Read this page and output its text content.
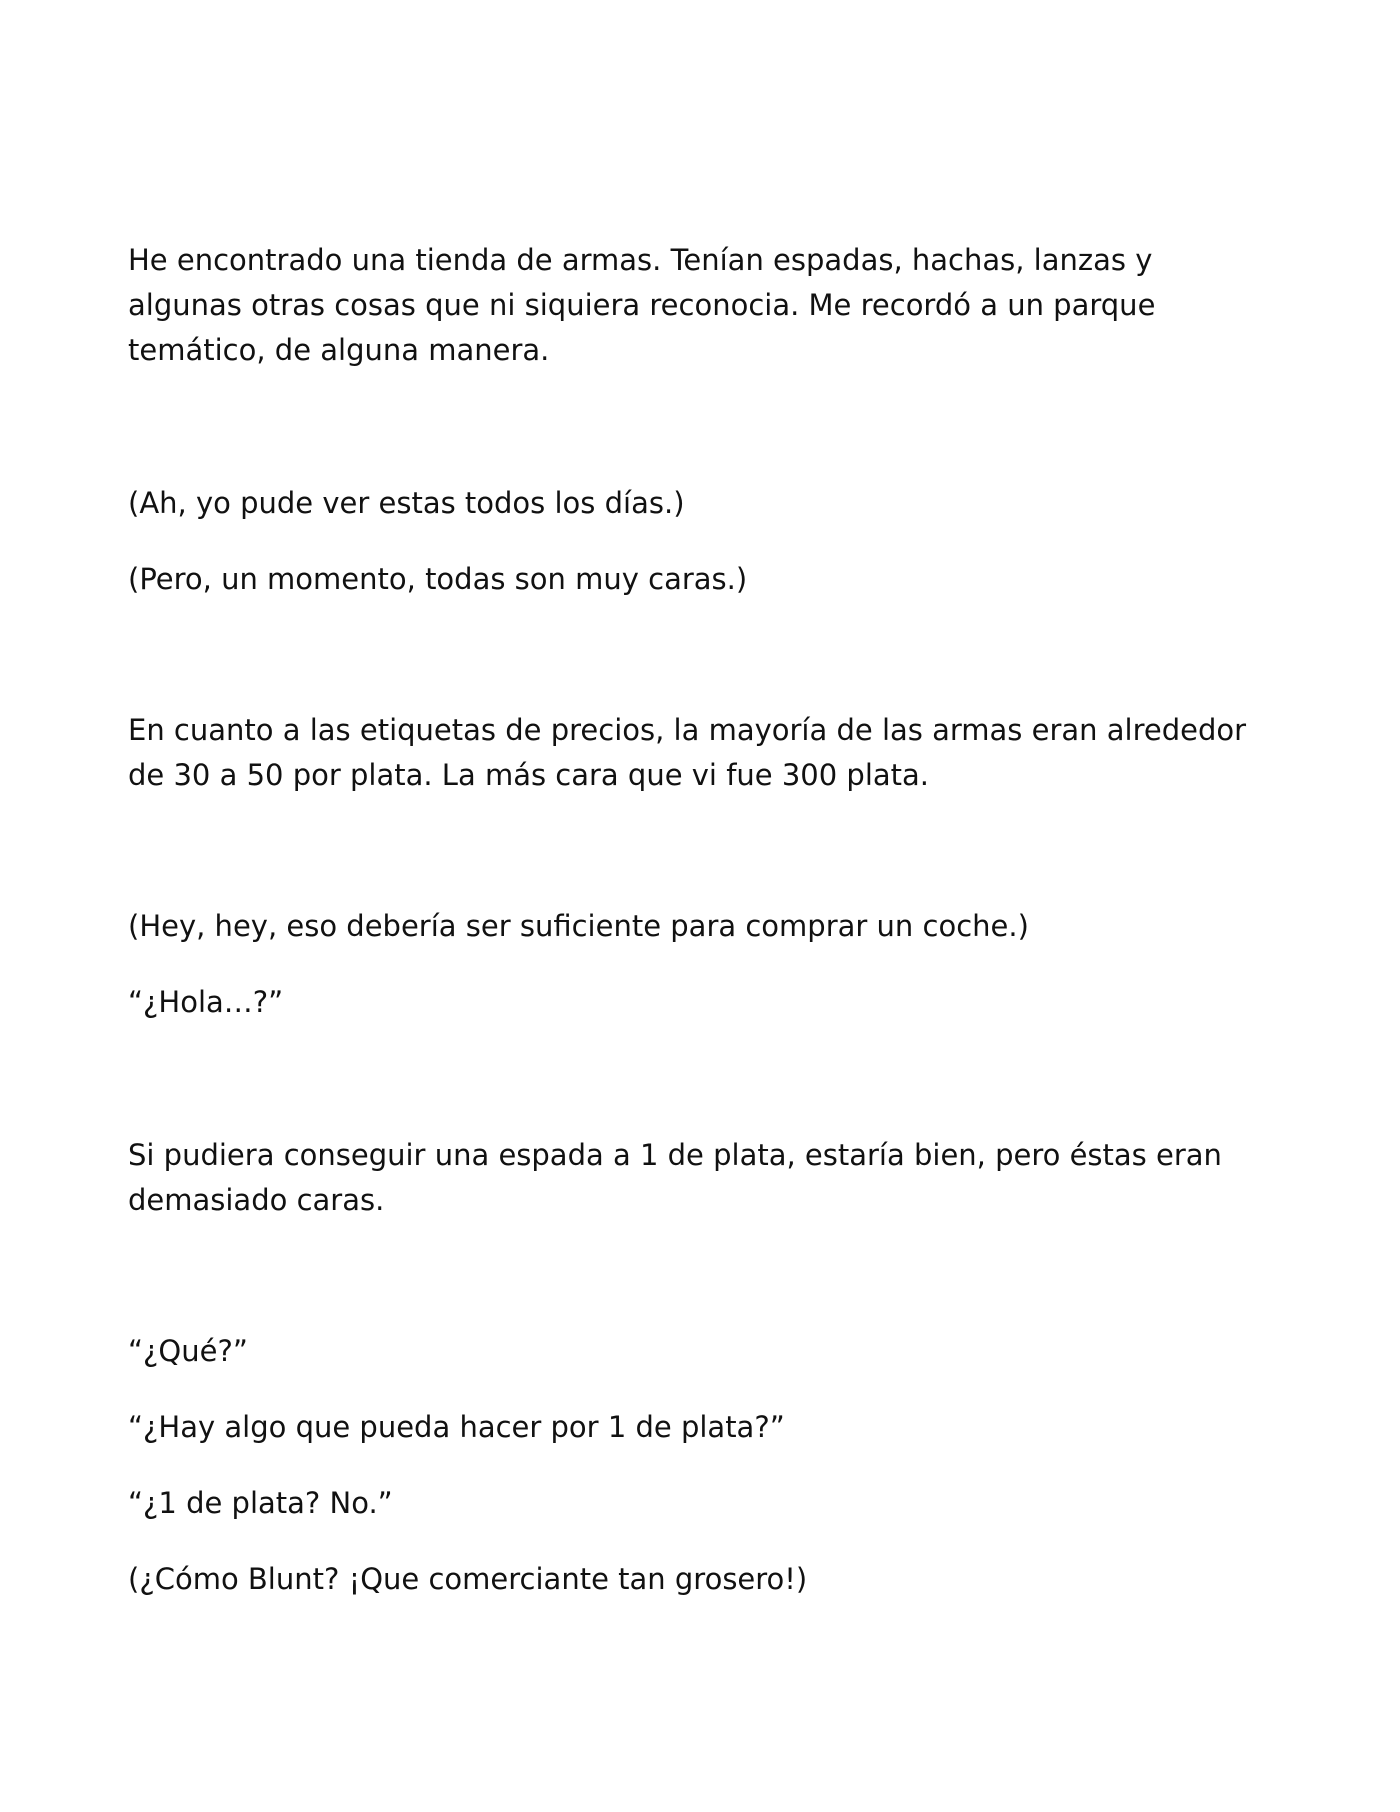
He encontrado una tienda de armas. Tenían espadas, hachas, lanzas y algunas otras cosas que ni siquiera reconocia. Me recordó a un parque temático, de alguna manera.

(Ah, yo pude ver estas todos los días.)

(Pero, un momento, todas son muy caras.)

En cuanto a las etiquetas de precios, la mayoría de las armas eran alrededor de 30 a 50 por plata. La más cara que vi fue 300 plata.

(Hey, hey, eso debería ser suficiente para comprar un coche.)

“¿Hola…?”

Si pudiera conseguir una espada a 1 de plata, estaría bien, pero éstas eran demasiado caras.

“¿Qué?”

“¿Hay algo que pueda hacer por 1 de plata?”

“¿1 de plata? No.”

(¿Cómo Blunt? ¡Que comerciante tan grosero!)
